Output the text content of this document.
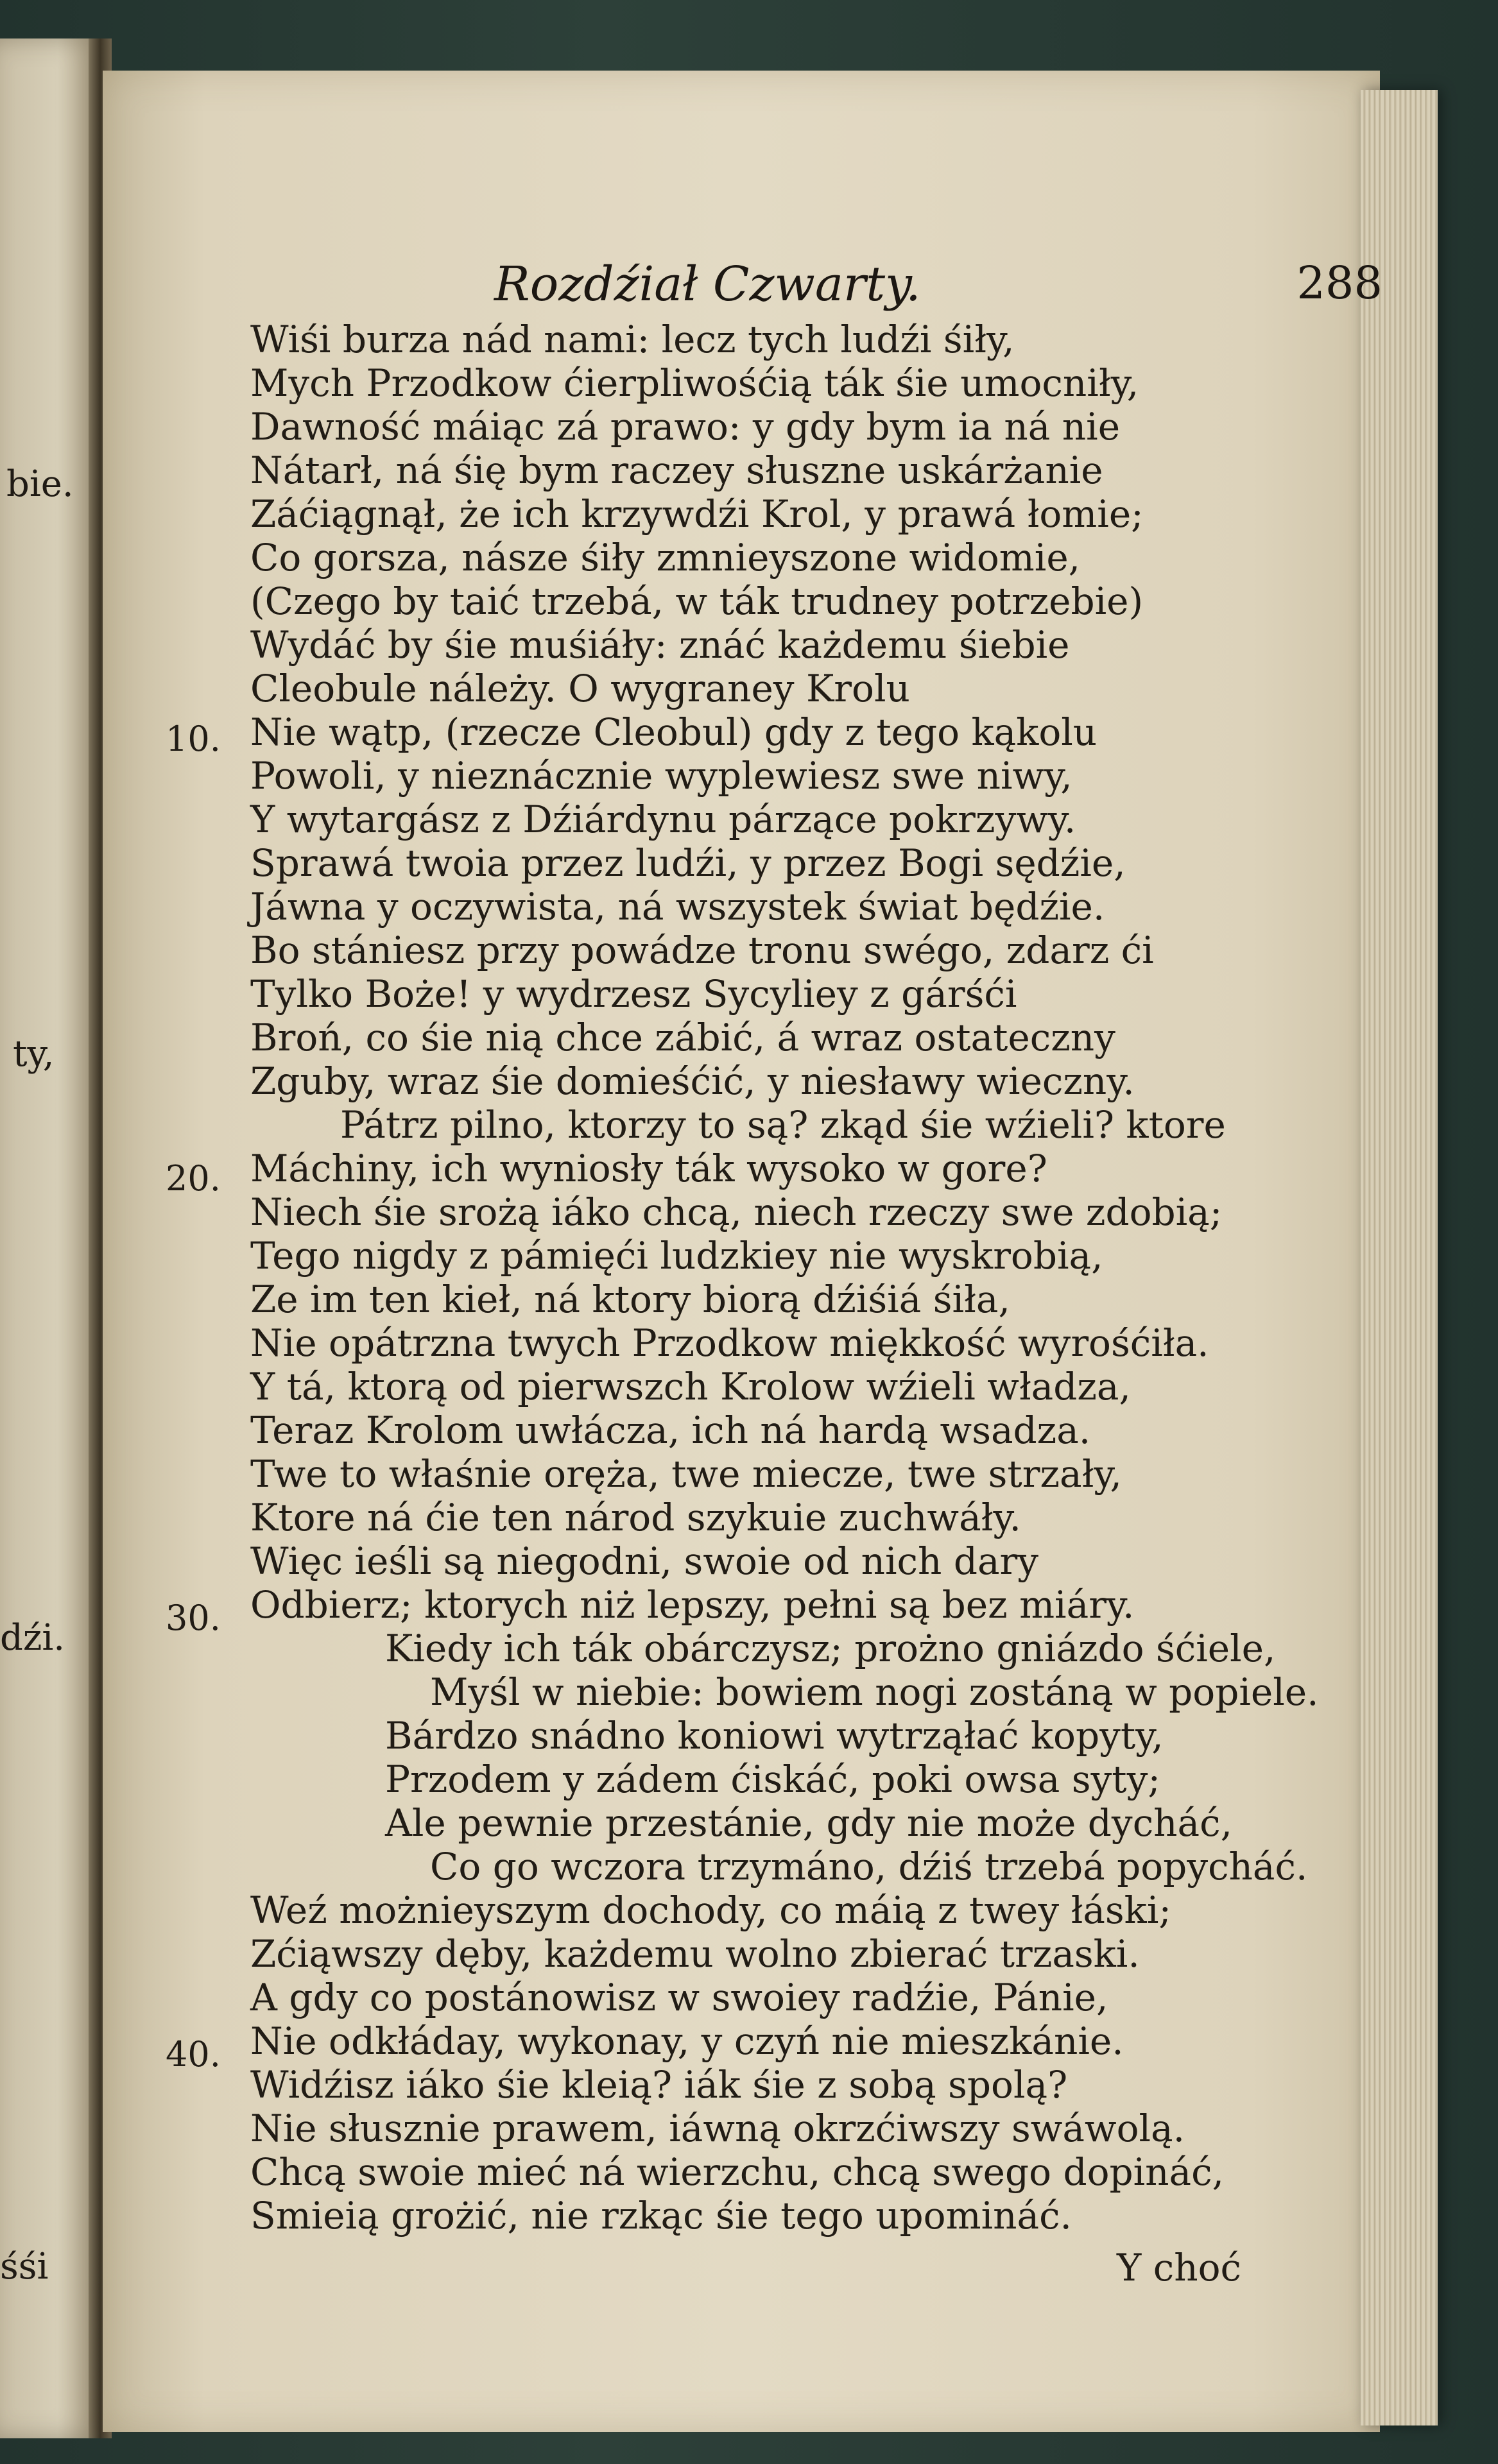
bie.
ty,
dźi.
śśi
Rozdźiał Czwarty.	288
10.
20.
30.
40.
Wiśi burza nád nami: lecz tych ludźi śiły,
Mych Przodkow ćierpliwośćią ták śie umocniły,
Dawność máiąc zá prawo: y gdy bym ia ná nie
Nátarł, ná śię bym raczey słuszne uskárżanie
Záćiągnął, że ich krzywdźi Krol, y prawá łomie;
Co gorsza, násze śiły zmnieyszone widomie,
(Czego by taić trzebá, w ták trudney potrzebie)
Wydáć by śie muśiáły: znáć każdemu śiebie
Cleobule náleży. O wygraney Krolu
Nie wątp, (rzecze Cleobul) gdy z tego kąkolu
Powoli, y nieznácznie wyplewiesz swe niwy,
Y wytargász z Dźiárdynu párzące pokrzywy.
Sprawá twoia przez ludźi, y przez Bogi sędźie,
Jáwna y oczywista, ná wszystek świat będźie.
Bo stániesz przy powádze tronu swégo, zdarz ći
Tylko Boże! y wydrzesz Sycyliey z gárśći
Broń, co śie nią chce zábić, á wraz ostateczny
Zguby, wraz śie domieśćić, y niesławy wieczny.
Pátrz pilno, ktorzy to są? zkąd śie wźieli? ktore
Máchiny, ich wyniosły ták wysoko w gore?
Niech śie srożą iáko chcą, niech rzeczy swe zdobią;
Tego nigdy z pámięći ludzkiey nie wyskrobią,
Ze im ten kieł, ná ktory biorą dźiśiá śiła,
Nie opátrzna twych Przodkow miękkość wyrośćiła.
Y tá, ktorą od pierwszch Krolow wźieli władza,
Teraz Krolom uwłácza, ich ná hardą wsadza.
Twe to właśnie oręża, twe miecze, twe strzały,
Ktore ná ćie ten národ szykuie zuchwáły.
Więc ieśli są niegodni, swoie od nich dary
Odbierz; ktorych niż lepszy, pełni są bez miáry.
Kiedy ich ták obárczysz; prożno gniázdo śćiele,
Myśl w niebie: bowiem nogi zostáną w popiele.
Bárdzo snádno koniowi wytrząłać kopyty,
Przodem y zádem ćiskáć, poki owsa syty;
Ale pewnie przestánie, gdy nie może dycháć,
Co go wczora trzymáno, dźiś trzebá popycháć.
Weź możnieyszym dochody, co máią z twey łáski;
Zćiąwszy dęby, każdemu wolno zbierać trzaski.
A gdy co postánowisz w swoiey radźie, Pánie,
Nie odkłáday, wykonay, y czyń nie mieszkánie.
Widźisz iáko śie kleią? iák śie z sobą spolą?
Nie słusznie prawem, iáwną okrzćiwszy swáwolą.
Chcą swoie mieć ná wierzchu, chcą swego dopináć,
Smieią grożić, nie rzkąc śie tego upomináć.
Y choć
